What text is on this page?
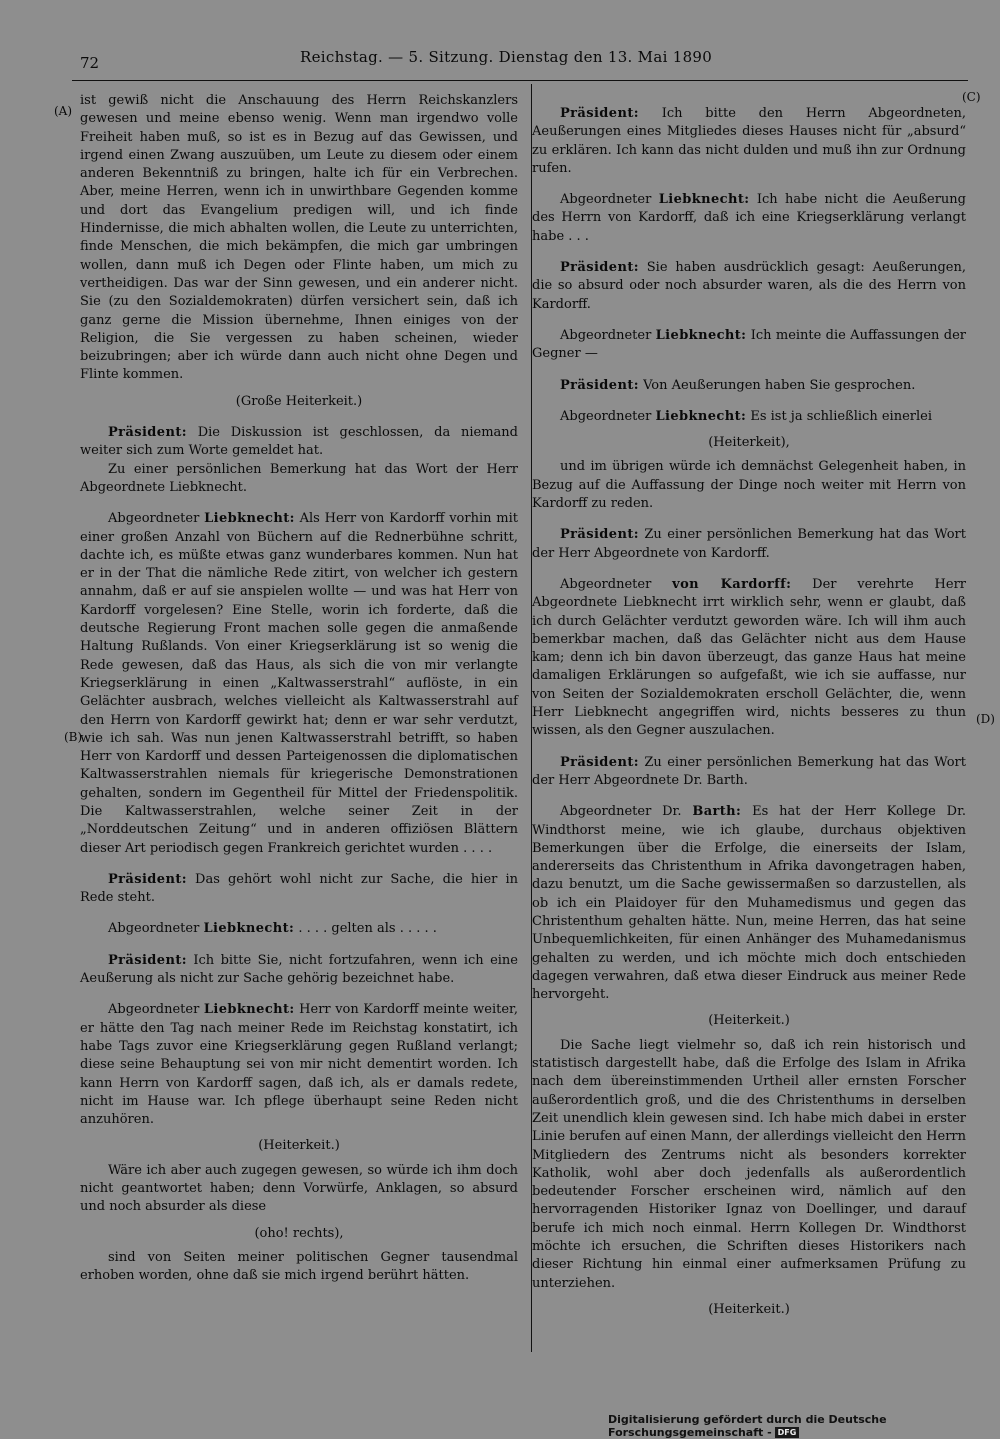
72	Reichstag. — 5. Sitzung. Dienstag den 13. Mai 1890
(A)
(B)
(C)
(D)

ist gewiß nicht die Anschauung des Herrn Reichskanzlers gewesen und meine ebenso wenig. Wenn man irgendwo volle Freiheit haben muß, so ist es in Bezug auf das Gewissen, und irgend einen Zwang auszuüben, um Leute zu diesem oder einem anderen Bekenntniß zu bringen, halte ich für ein Verbrechen. Aber, meine Herren, wenn ich in unwirthbare Gegenden komme und dort das Evangelium predigen will, und ich finde Hindernisse, die mich abhalten wollen, die Leute zu unterrichten, finde Menschen, die mich bekämpfen, die mich gar umbringen wollen, dann muß ich Degen oder Flinte haben, um mich zu vertheidigen. Das war der Sinn gewesen, und ein anderer nicht. Sie (zu den Sozialdemokraten) dürfen versichert sein, daß ich ganz gerne die Mission übernehme, Ihnen einiges von der Religion, die Sie vergessen zu haben scheinen, wieder beizubringen; aber ich würde dann auch nicht ohne Degen und Flinte kommen.

(Große Heiterkeit.)

Präsident: Die Diskussion ist geschlossen, da niemand weiter sich zum Worte gemeldet hat.

Zu einer persönlichen Bemerkung hat das Wort der Herr Abgeordnete Liebknecht.

Abgeordneter Liebknecht: Als Herr von Kardorff vorhin mit einer großen Anzahl von Büchern auf die Rednerbühne schritt, dachte ich, es müßte etwas ganz wunderbares kommen. Nun hat er in der That die nämliche Rede zitirt, von welcher ich gestern annahm, daß er auf sie anspielen wollte — und was hat Herr von Kardorff vorgelesen? Eine Stelle, worin ich forderte, daß die deutsche Regierung Front machen solle gegen die anmaßende Haltung Rußlands. Von einer Kriegserklärung ist so wenig die Rede gewesen, daß das Haus, als sich die von mir verlangte Kriegserklärung in einen „Kaltwasserstrahl“ auflöste, in ein Gelächter ausbrach, welches vielleicht als Kaltwasserstrahl auf den Herrn von Kardorff gewirkt hat; denn er war sehr verdutzt, wie ich sah. Was nun jenen Kaltwasserstrahl betrifft, so haben Herr von Kardorff und dessen Parteigenossen die diplomatischen Kaltwasserstrahlen niemals für kriegerische Demonstrationen gehalten, sondern im Gegentheil für Mittel der Friedenspolitik. Die Kaltwasserstrahlen, welche seiner Zeit in der „Norddeutschen Zeitung“ und in anderen offiziösen Blättern dieser Art periodisch gegen Frankreich gerichtet wurden . . . .

Präsident: Das gehört wohl nicht zur Sache, die hier in Rede steht.

Abgeordneter Liebknecht: . . . . gelten als . . . . .

Präsident: Ich bitte Sie, nicht fortzufahren, wenn ich eine Aeußerung als nicht zur Sache gehörig bezeichnet habe.

Abgeordneter Liebknecht: Herr von Kardorff meinte weiter, er hätte den Tag nach meiner Rede im Reichstag konstatirt, ich habe Tags zuvor eine Kriegserklärung gegen Rußland verlangt; diese seine Behauptung sei von mir nicht dementirt worden. Ich kann Herrn von Kardorff sagen, daß ich, als er damals redete, nicht im Hause war. Ich pflege überhaupt seine Reden nicht anzuhören.

(Heiterkeit.)

Wäre ich aber auch zugegen gewesen, so würde ich ihm doch nicht geantwortet haben; denn Vorwürfe, Anklagen, so absurd und noch absurder als diese

(oho! rechts),

sind von Seiten meiner politischen Gegner tausendmal erhoben worden, ohne daß sie mich irgend berührt hätten.

Präsident: Ich bitte den Herrn Abgeordneten, Aeußerungen eines Mitgliedes dieses Hauses nicht für „absurd“ zu erklären. Ich kann das nicht dulden und muß ihn zur Ordnung rufen.

Abgeordneter Liebknecht: Ich habe nicht die Aeußerung des Herrn von Kardorff, daß ich eine Kriegserklärung verlangt habe . . .

Präsident: Sie haben ausdrücklich gesagt: Aeußerungen, die so absurd oder noch absurder waren, als die des Herrn von Kardorff.

Abgeordneter Liebknecht: Ich meinte die Auffassungen der Gegner —

Präsident: Von Aeußerungen haben Sie gesprochen.

Abgeordneter Liebknecht: Es ist ja schließlich einerlei

(Heiterkeit),

und im übrigen würde ich demnächst Gelegenheit haben, in Bezug auf die Auffassung der Dinge noch weiter mit Herrn von Kardorff zu reden.

Präsident: Zu einer persönlichen Bemerkung hat das Wort der Herr Abgeordnete von Kardorff.

Abgeordneter von Kardorff: Der verehrte Herr Abgeordnete Liebknecht irrt wirklich sehr, wenn er glaubt, daß ich durch Gelächter verdutzt geworden wäre. Ich will ihm auch bemerkbar machen, daß das Gelächter nicht aus dem Hause kam; denn ich bin davon überzeugt, das ganze Haus hat meine damaligen Erklärungen so aufgefaßt, wie ich sie auffasse, nur von Seiten der Sozialdemokraten erscholl Gelächter, die, wenn Herr Liebknecht angegriffen wird, nichts besseres zu thun wissen, als den Gegner auszulachen.

Präsident: Zu einer persönlichen Bemerkung hat das Wort der Herr Abgeordnete Dr. Barth.

Abgeordneter Dr. Barth: Es hat der Herr Kollege Dr. Windthorst meine, wie ich glaube, durchaus objektiven Bemerkungen über die Erfolge, die einerseits der Islam, andererseits das Christenthum in Afrika davongetragen haben, dazu benutzt, um die Sache gewissermaßen so darzustellen, als ob ich ein Plaidoyer für den Muhamedismus und gegen das Christenthum gehalten hätte. Nun, meine Herren, das hat seine Unbequemlichkeiten, für einen Anhänger des Muhamedanismus gehalten zu werden, und ich möchte mich doch entschieden dagegen verwahren, daß etwa dieser Eindruck aus meiner Rede hervorgeht.

(Heiterkeit.)

Die Sache liegt vielmehr so, daß ich rein historisch und statistisch dargestellt habe, daß die Erfolge des Islam in Afrika nach dem übereinstimmenden Urtheil aller ernsten Forscher außerordentlich groß, und die des Christenthums in derselben Zeit unendlich klein gewesen sind. Ich habe mich dabei in erster Linie berufen auf einen Mann, der allerdings vielleicht den Herrn Mitgliedern des Zentrums nicht als besonders korrekter Katholik, wohl aber doch jedenfalls als außerordentlich bedeutender Forscher erscheinen wird, nämlich auf den hervorragenden Historiker Ignaz von Doellinger, und darauf berufe ich mich noch einmal. Herrn Kollegen Dr. Windthorst möchte ich ersuchen, die Schriften dieses Historikers nach dieser Richtung hin einmal einer aufmerksamen Prüfung zu unterziehen.

(Heiterkeit.)

Digitalisierung gefördert durch die Deutsche Forschungsgemeinschaft - DFG
